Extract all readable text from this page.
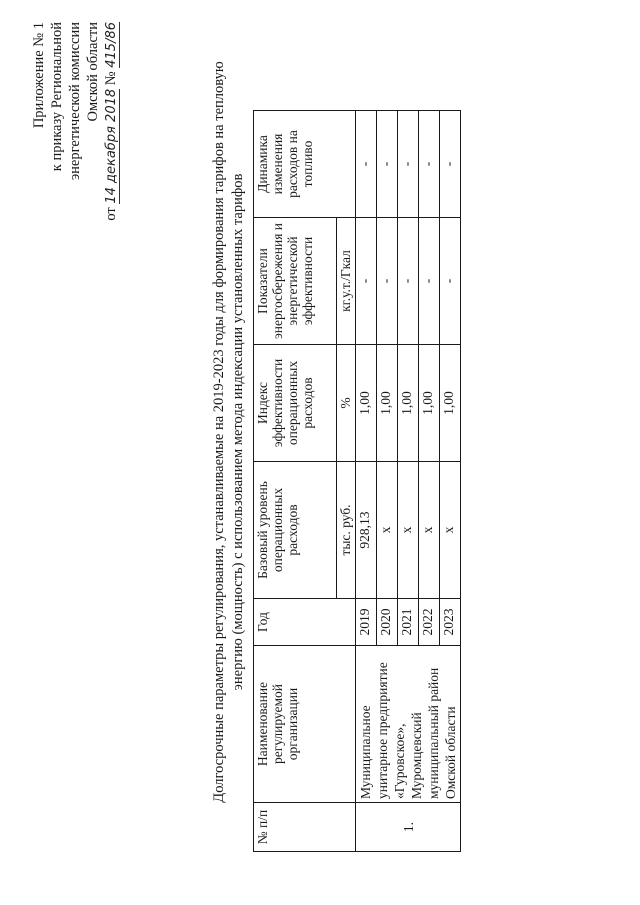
Приложение № 1 к приказу Региональной энергетической комиссии Омской области
от 14 декабря 2018 № 415/86
Долгосрочные параметры регулирования, устанавливаемые на 2019-2023 годы для формирования тарифов на тепловую энергию (мощность) с использованием метода индексации установленных тарифов
№ п/п	Наименование регулируемой организации	Год	Базовый уровень операционных расходов	Индекс эффективности операционных расходов	Показатели энергосбережения и энергетической эффективности	Динамика изменения расходов на топливо
			тыс. руб.	%	кг.у.т./Гкал	
1.	Муниципальное унитарное предприятие «Гуровское», Муромцевский муниципальный район Омской области	2019	928,13	1,00	-	-
		2020	x	1,00	-	-
		2021	x	1,00	-	-
		2022	x	1,00	-	-
		2023	x	1,00	-	-
